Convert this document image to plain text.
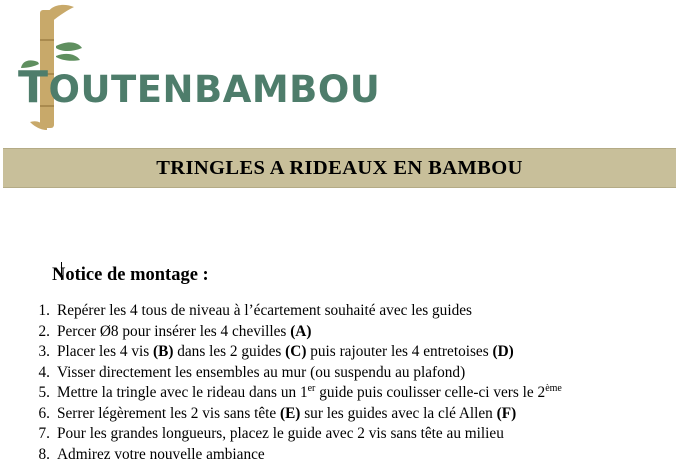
TOUTENBAMBOU
TRINGLES A RIDEAUX EN BAMBOU
Notice de montage :
1. Repérer les 4 tous de niveau à l’écartement souhaité avec les guides
2. Percer Ø8 pour insérer les 4 chevilles (A)
3. Placer les 4 vis (B) dans les 2 guides (C) puis rajouter les 4 entretoises (D)
4. Visser directement les ensembles au mur (ou suspendu au plafond)
5. Mettre la tringle avec le rideau dans un 1er guide puis coulisser celle-ci vers le 2ème
6. Serrer légèrement les 2 vis sans tête (E) sur les guides avec la clé Allen (F)
7. Pour les grandes longueurs, placez le guide avec 2 vis sans tête au milieu
8. Admirez votre nouvelle ambiance
